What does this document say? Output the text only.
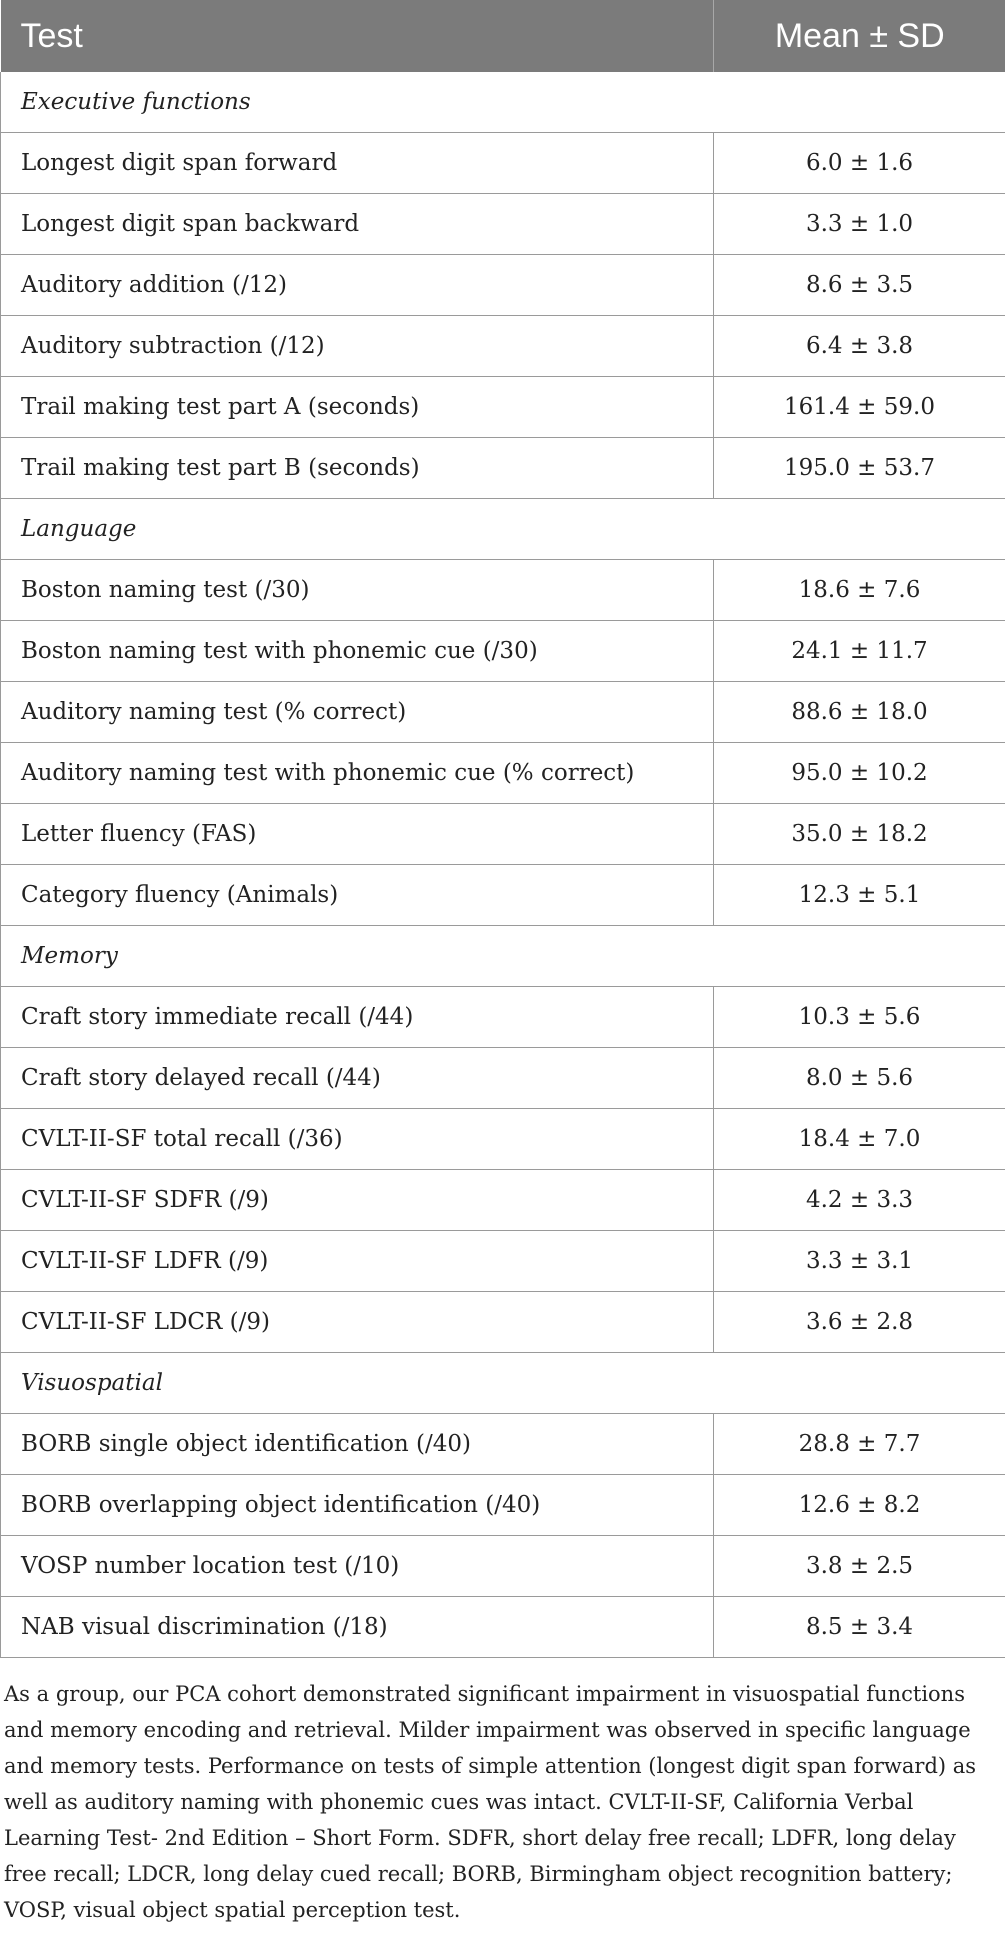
Test	Mean ± SD
Executive functions	
Longest digit span forward	6.0 ± 1.6
Longest digit span backward	3.3 ± 1.0
Auditory addition (/12)	8.6 ± 3.5
Auditory subtraction (/12)	6.4 ± 3.8
Trail making test part A (seconds)	161.4 ± 59.0
Trail making test part B (seconds)	195.0 ± 53.7
Language	
Boston naming test (/30)	18.6 ± 7.6
Boston naming test with phonemic cue (/30)	24.1 ± 11.7
Auditory naming test (% correct)	88.6 ± 18.0
Auditory naming test with phonemic cue (% correct)	95.0 ± 10.2
Letter fluency (FAS)	35.0 ± 18.2
Category fluency (Animals)	12.3 ± 5.1
Memory	
Craft story immediate recall (/44)	10.3 ± 5.6
Craft story delayed recall (/44)	8.0 ± 5.6
CVLT-II-SF total recall (/36)	18.4 ± 7.0
CVLT-II-SF SDFR (/9)	4.2 ± 3.3
CVLT-II-SF LDFR (/9)	3.3 ± 3.1
CVLT-II-SF LDCR (/9)	3.6 ± 2.8
Visuospatial	
BORB single object identification (/40)	28.8 ± 7.7
BORB overlapping object identification (/40)	12.6 ± 8.2
VOSP number location test (/10)	3.8 ± 2.5
NAB visual discrimination (/18)	8.5 ± 3.4

As a group, our PCA cohort demonstrated significant impairment in visuospatial functions and memory encoding and retrieval. Milder impairment was observed in specific language and memory tests. Performance on tests of simple attention (longest digit span forward) as well as auditory naming with phonemic cues was intact. CVLT-II-SF, California Verbal Learning Test- 2nd Edition – Short Form. SDFR, short delay free recall; LDFR, long delay free recall; LDCR, long delay cued recall; BORB, Birmingham object recognition battery; VOSP, visual object spatial perception test.
